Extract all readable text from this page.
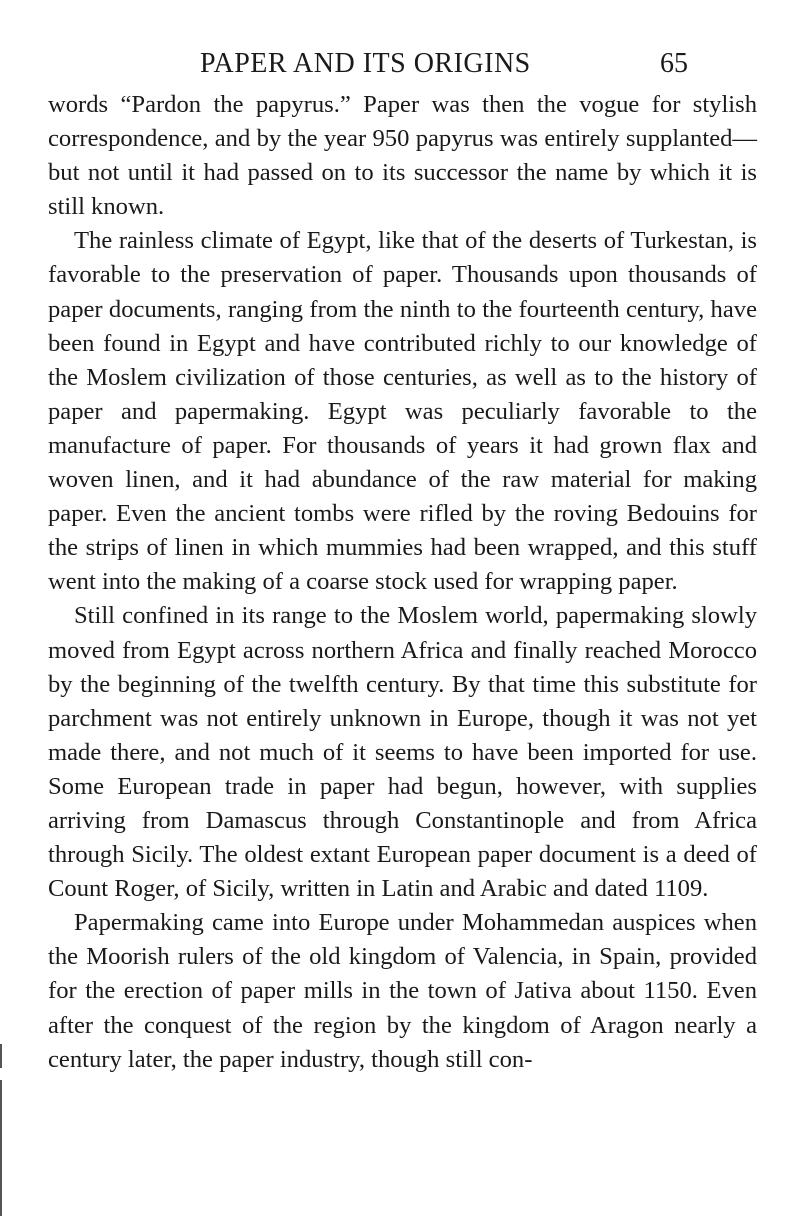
PAPER AND ITS ORIGINS	65

words “Pardon the papyrus.” Paper was then the vogue for stylish correspondence, and by the year 950 papyrus was entirely supplanted—but not until it had passed on to its successor the name by which it is still known.

The rainless climate of Egypt, like that of the deserts of Turkestan, is favorable to the preservation of paper. Thousands upon thousands of paper documents, ranging from the ninth to the fourteenth century, have been found in Egypt and have contributed richly to our knowledge of the Moslem civilization of those centuries, as well as to the history of paper and papermaking. Egypt was peculiarly favorable to the manufacture of paper. For thousands of years it had grown flax and woven linen, and it had abundance of the raw material for making paper. Even the ancient tombs were rifled by the roving Bedouins for the strips of linen in which mummies had been wrapped, and this stuff went into the making of a coarse stock used for wrapping paper.

Still confined in its range to the Moslem world, papermaking slowly moved from Egypt across northern Africa and finally reached Morocco by the beginning of the twelfth century. By that time this substitute for parchment was not entirely unknown in Europe, though it was not yet made there, and not much of it seems to have been imported for use. Some European trade in paper had begun, however, with supplies arriving from Damascus through Constantinople and from Africa through Sicily. The oldest extant European paper document is a deed of Count Roger, of Sicily, written in Latin and Arabic and dated 1109.

Papermaking came into Europe under Mohammedan auspices when the Moorish rulers of the old kingdom of Valencia, in Spain, provided for the erection of paper mills in the town of Jativa about 1150. Even after the conquest of the region by the kingdom of Aragon nearly a century later, the paper industry, though still con-
